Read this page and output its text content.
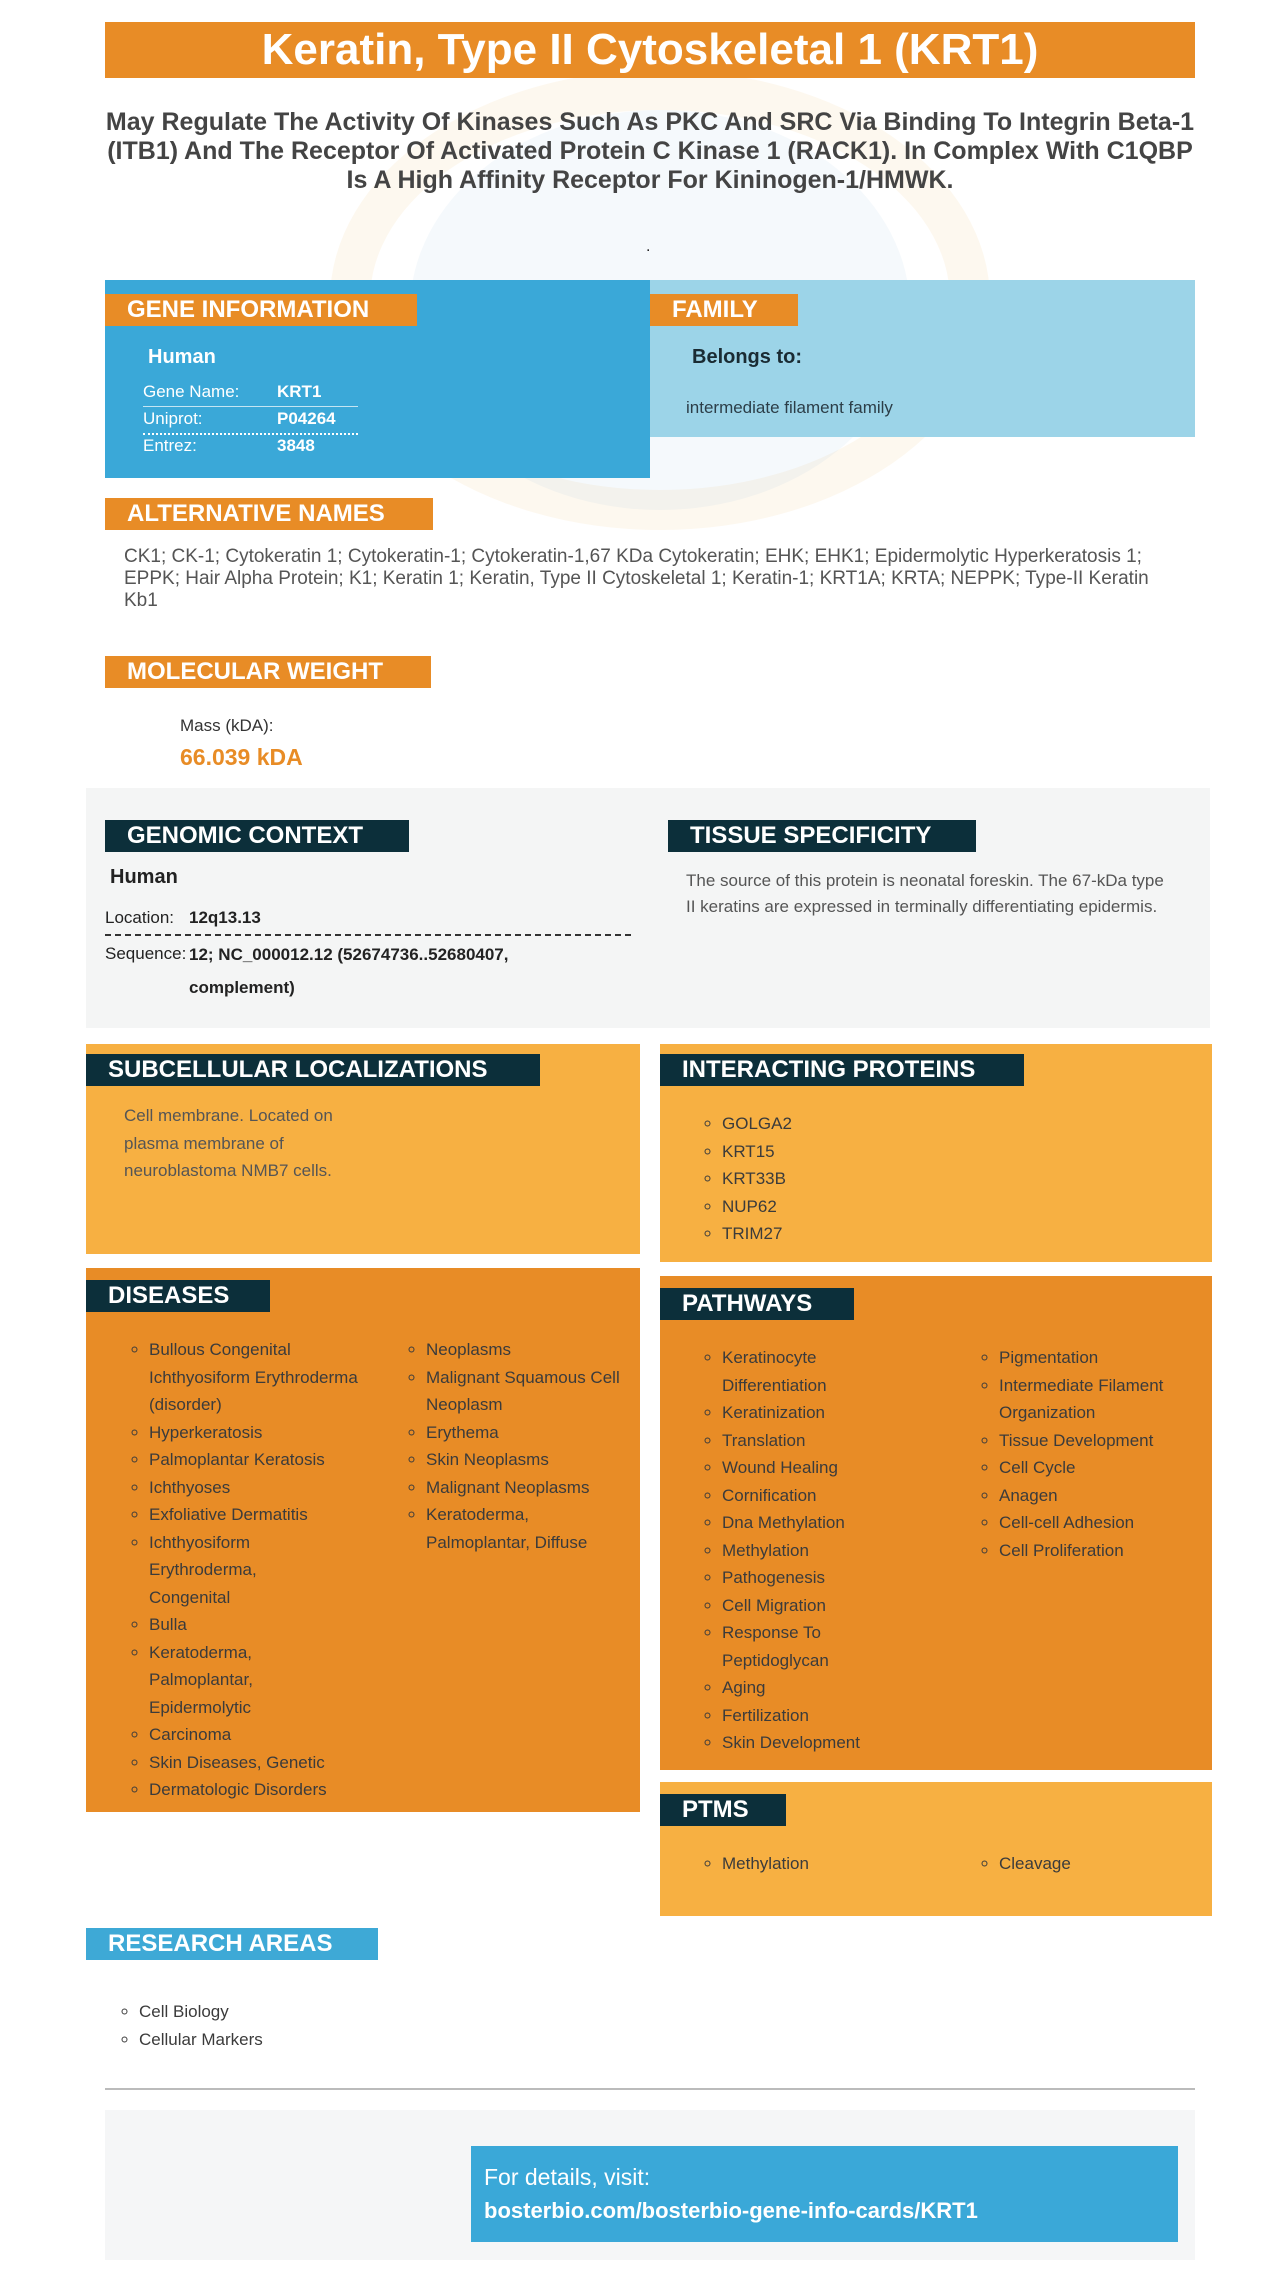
Keratin, Type II Cytoskeletal 1 (KRT1)
May Regulate The Activity Of Kinases Such As PKC And SRC Via Binding To Integrin Beta-1 (ITB1) And The Receptor Of Activated Protein C Kinase 1 (RACK1). In Complex With C1QBP Is A High Affinity Receptor For Kininogen-1/HMWK.
.
GENE INFORMATION
Human
Gene Name: KRT1
Uniprot:	P04264
Entrez:	3848
FAMILY
Belongs to:
intermediate filament family
ALTERNATIVE NAMES
CK1; CK-1; Cytokeratin 1; Cytokeratin-1; Cytokeratin-1,67 KDa Cytokeratin; EHK; EHK1; Epidermolytic Hyperkeratosis 1; EPPK; Hair Alpha Protein; K1; Keratin 1; Keratin, Type II Cytoskeletal 1; Keratin-1; KRT1A; KRTA; NEPPK; Type-II Keratin Kb1
MOLECULAR WEIGHT
Mass (kDA):
66.039 kDA
GENOMIC CONTEXT
Human
Location: 12q13.13
Sequence: 12; NC_000012.12 (52674736..52680407, complement)
TISSUE SPECIFICITY
The source of this protein is neonatal foreskin. The 67-kDa type II keratins are expressed in terminally differentiating epidermis.
SUBCELLULAR LOCALIZATIONS
Cell membrane. Located on plasma membrane of neuroblastoma NMB7 cells.
INTERACTING PROTEINS
◦ GOLGA2
◦ KRT15
◦ KRT33B
◦ NUP62
◦ TRIM27
DISEASES
◦ Bullous Congenital Ichthyosiform Erythroderma (disorder)
◦ Hyperkeratosis
◦ Palmoplantar Keratosis
◦ Ichthyoses
◦ Exfoliative Dermatitis
◦ Ichthyosiform Erythroderma, Congenital
◦ Bulla
◦ Keratoderma, Palmoplantar, Epidermolytic
◦ Carcinoma
◦ Skin Diseases, Genetic
◦ Dermatologic Disorders
◦ Neoplasms
◦ Malignant Squamous Cell Neoplasm
◦ Erythema
◦ Skin Neoplasms
◦ Malignant Neoplasms
◦ Keratoderma, Palmoplantar, Diffuse
PATHWAYS
◦ Keratinocyte Differentiation
◦ Keratinization
◦ Translation
◦ Wound Healing
◦ Cornification
◦ Dna Methylation
◦ Methylation
◦ Pathogenesis
◦ Cell Migration
◦ Response To Peptidoglycan
◦ Aging
◦ Fertilization
◦ Skin Development
◦ Pigmentation
◦ Intermediate Filament Organization
◦ Tissue Development
◦ Cell Cycle
◦ Anagen
◦ Cell-cell Adhesion
◦ Cell Proliferation
PTMS
◦ Methylation
◦	Cleavage
RESEARCH AREAS
◦ Cell Biology
◦ Cellular Markers
For details, visit:
bosterbio.com/bosterbio-gene-info-cards/KRT1
